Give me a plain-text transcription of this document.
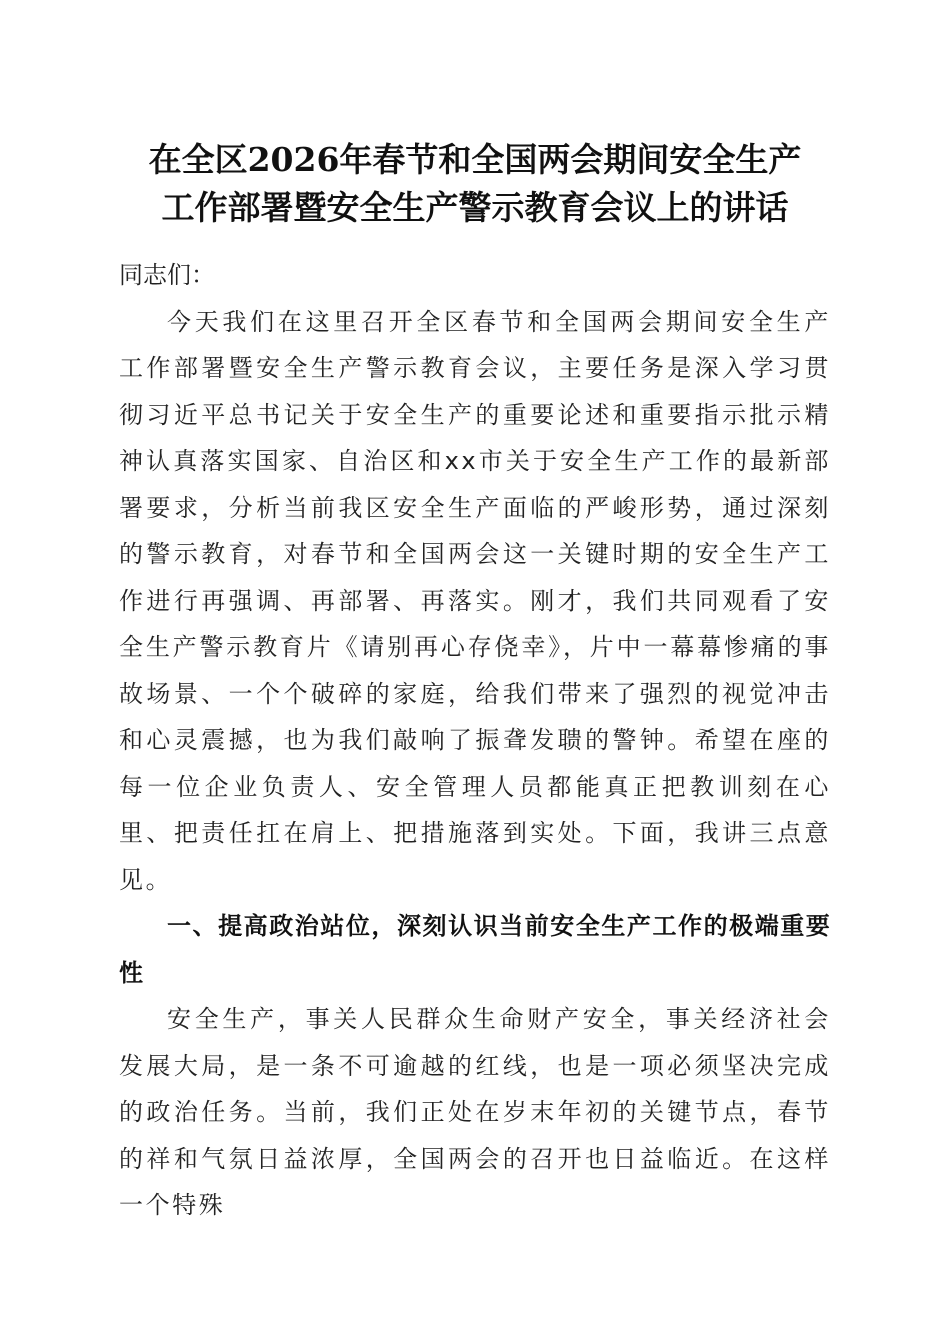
在全区2026年春节和全国两会期间安全生产
工作部署暨安全生产警示教育会议上的讲话

同志们：

今天我们在这里召开全区春节和全国两会期间安全生产工作部署暨安全生产警示教育会议，主要任务是深入学习贯彻习近平总书记关于安全生产的重要论述和重要指示批示精神认真落实国家、自治区和xx市关于安全生产工作的最新部署要求，分析当前我区安全生产面临的严峻形势，通过深刻的警示教育，对春节和全国两会这一关键时期的安全生产工作进行再强调、再部署、再落实。刚才，我们共同观看了安全生产警示教育片《请别再心存侥幸》，片中一幕幕惨痛的事故场景、一个个破碎的家庭，给我们带来了强烈的视觉冲击和心灵震撼，也为我们敲响了振聋发聩的警钟。希望在座的每一位企业负责人、安全管理人员都能真正把教训刻在心里、把责任扛在肩上、把措施落到实处。下面，我讲三点意见。

一、提高政治站位，深刻认识当前安全生产工作的极端重要性

安全生产，事关人民群众生命财产安全，事关经济社会发展大局，是一条不可逾越的红线，也是一项必须坚决完成的政治任务。当前，我们正处在岁末年初的关键节点，春节的祥和气氛日益浓厚，全国两会的召开也日益临近。在这样一个特殊
